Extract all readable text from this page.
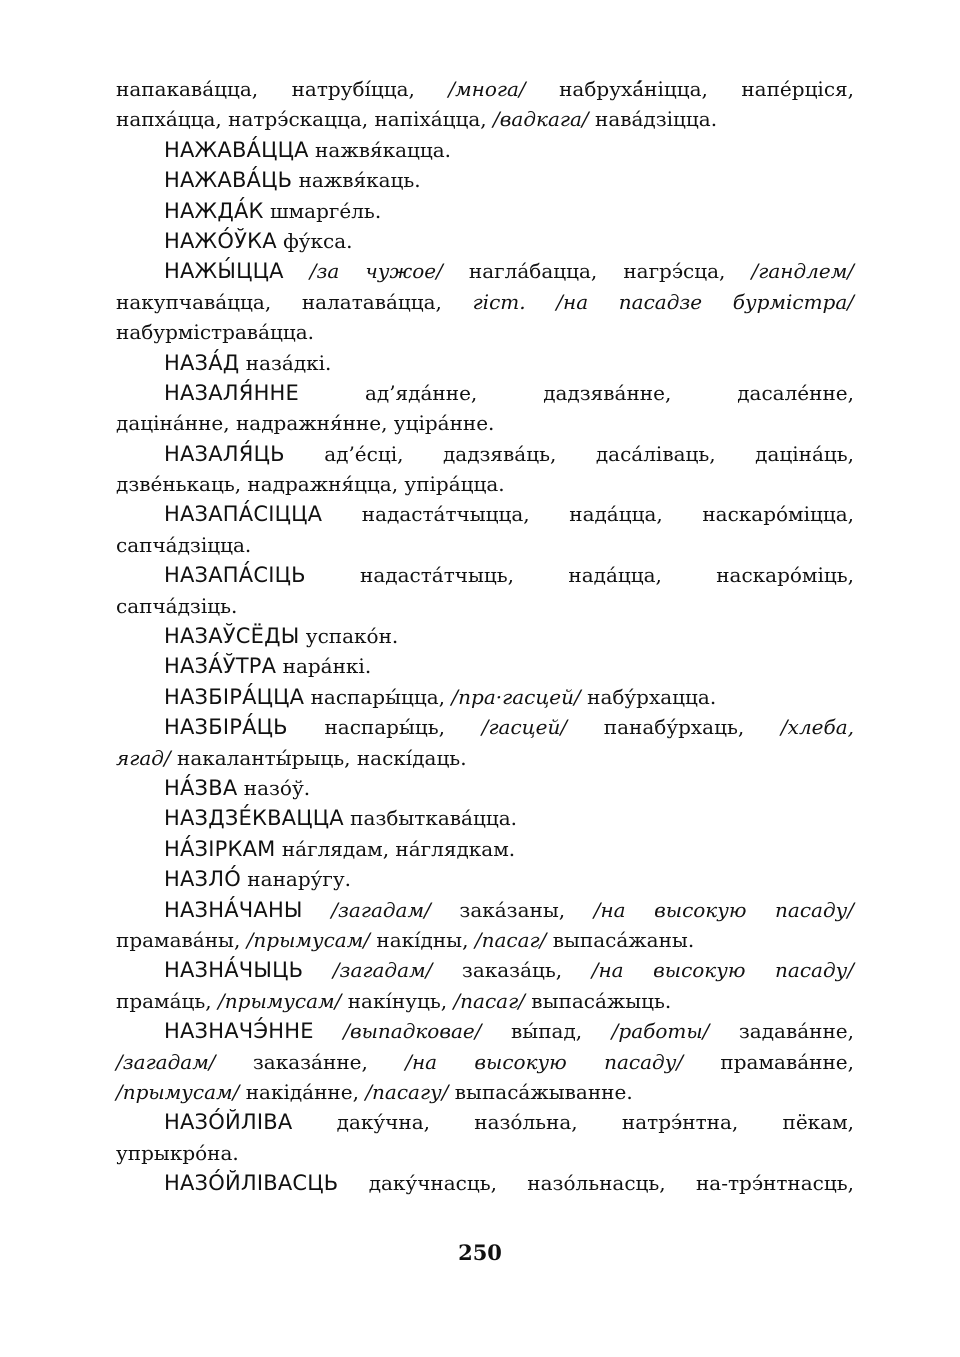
напакава́цца, натрубі́цца, /многа/ набрухá́нiцца, напе́рціся,
напха́цца, натрэ́скацца, напіха́цца, /вадкага/ нава́дзіцца.
НАЖАВА́ЦЦА нажвя́кацца.
НАЖАВА́ЦЬ нажвя́каць.
НАЖДА́К шмарге́ль.
НАЖО́ЎКА фу́кса.
НАЖЫ́ЦЦА /за чужое/ нагла́бацца, нагрэ́сца, /гандлем/
накупчава́цца, налатава́цца, гіст. /на пасадзе бурмістра/
набурмістрава́цца.
НАЗА́Д наза́дкі.
НАЗАЛЯ́ННЕ ад’яда́нне, дадзява́нне, дасале́нне,
дацiна́нне, надражня́нне, уціра́нне.
НАЗАЛЯ́ЦЬ ад’е́сці, дадзява́ць, даса́ліваць, дацiна́ць,
дзве́нькаць, надражня́цца, упіра́цца.
НАЗАПА́СІЦЦА надаста́тчыцца, нада́цца, наскаро́міцца,
сапча́дзіцца.
НАЗАПА́СІЦЬ надаста́тчыць, нада́цца, наскаро́міць,
сапча́дзіць.
НАЗАЎСЁДЫ успако́н.
НАЗА́ЎТРА нара́нкі.
НАЗБІРА́ЦЦА наспары́цца, /пра·гасцей/ набу́рхацца.
НАЗБІРА́ЦЬ наспары́ць, /гасцей/ панабу́рхаць, /хлеба,
ягад/ накаланты́рыць, наскі́даць.
НА́ЗВА назо́ў.
НАЗДЗЕ́КВАЦЦА пазбыткава́цца.
НА́ЗІРКАМ на́глядам, на́глядкам.
НАЗЛО́ нанару́гу.
НАЗНА́ЧАНЫ /загадам/ зака́заны, /на высокую пасаду/
прамава́ны, /прымусам/ накі́дны, /пасаг/ выпаса́жаны.
НАЗНА́ЧЫЦЬ /загадам/ заказа́ць, /на высокую пасаду/
прама́ць, /прымусам/ накі́нуць, /пасаг/ выпаса́жыць.
НАЗНАЧЭ́ННЕ /выпадковае/ вы́пад, /работы/ задава́нне,
/загадам/ заказа́нне, /на высокую пасаду/ прамава́нне,
/прымусам/ накіда́нне, /пасагу/ выпаса́жыванне.
НАЗО́ЙЛІВА даку́чна, назо́льна, натрэ́нтна, пёкам,
упрыкро́на.
НАЗО́ЙЛІВАСЦЬ даку́чнасць, назо́льнасць, на-трэ́нтнасць,
250
